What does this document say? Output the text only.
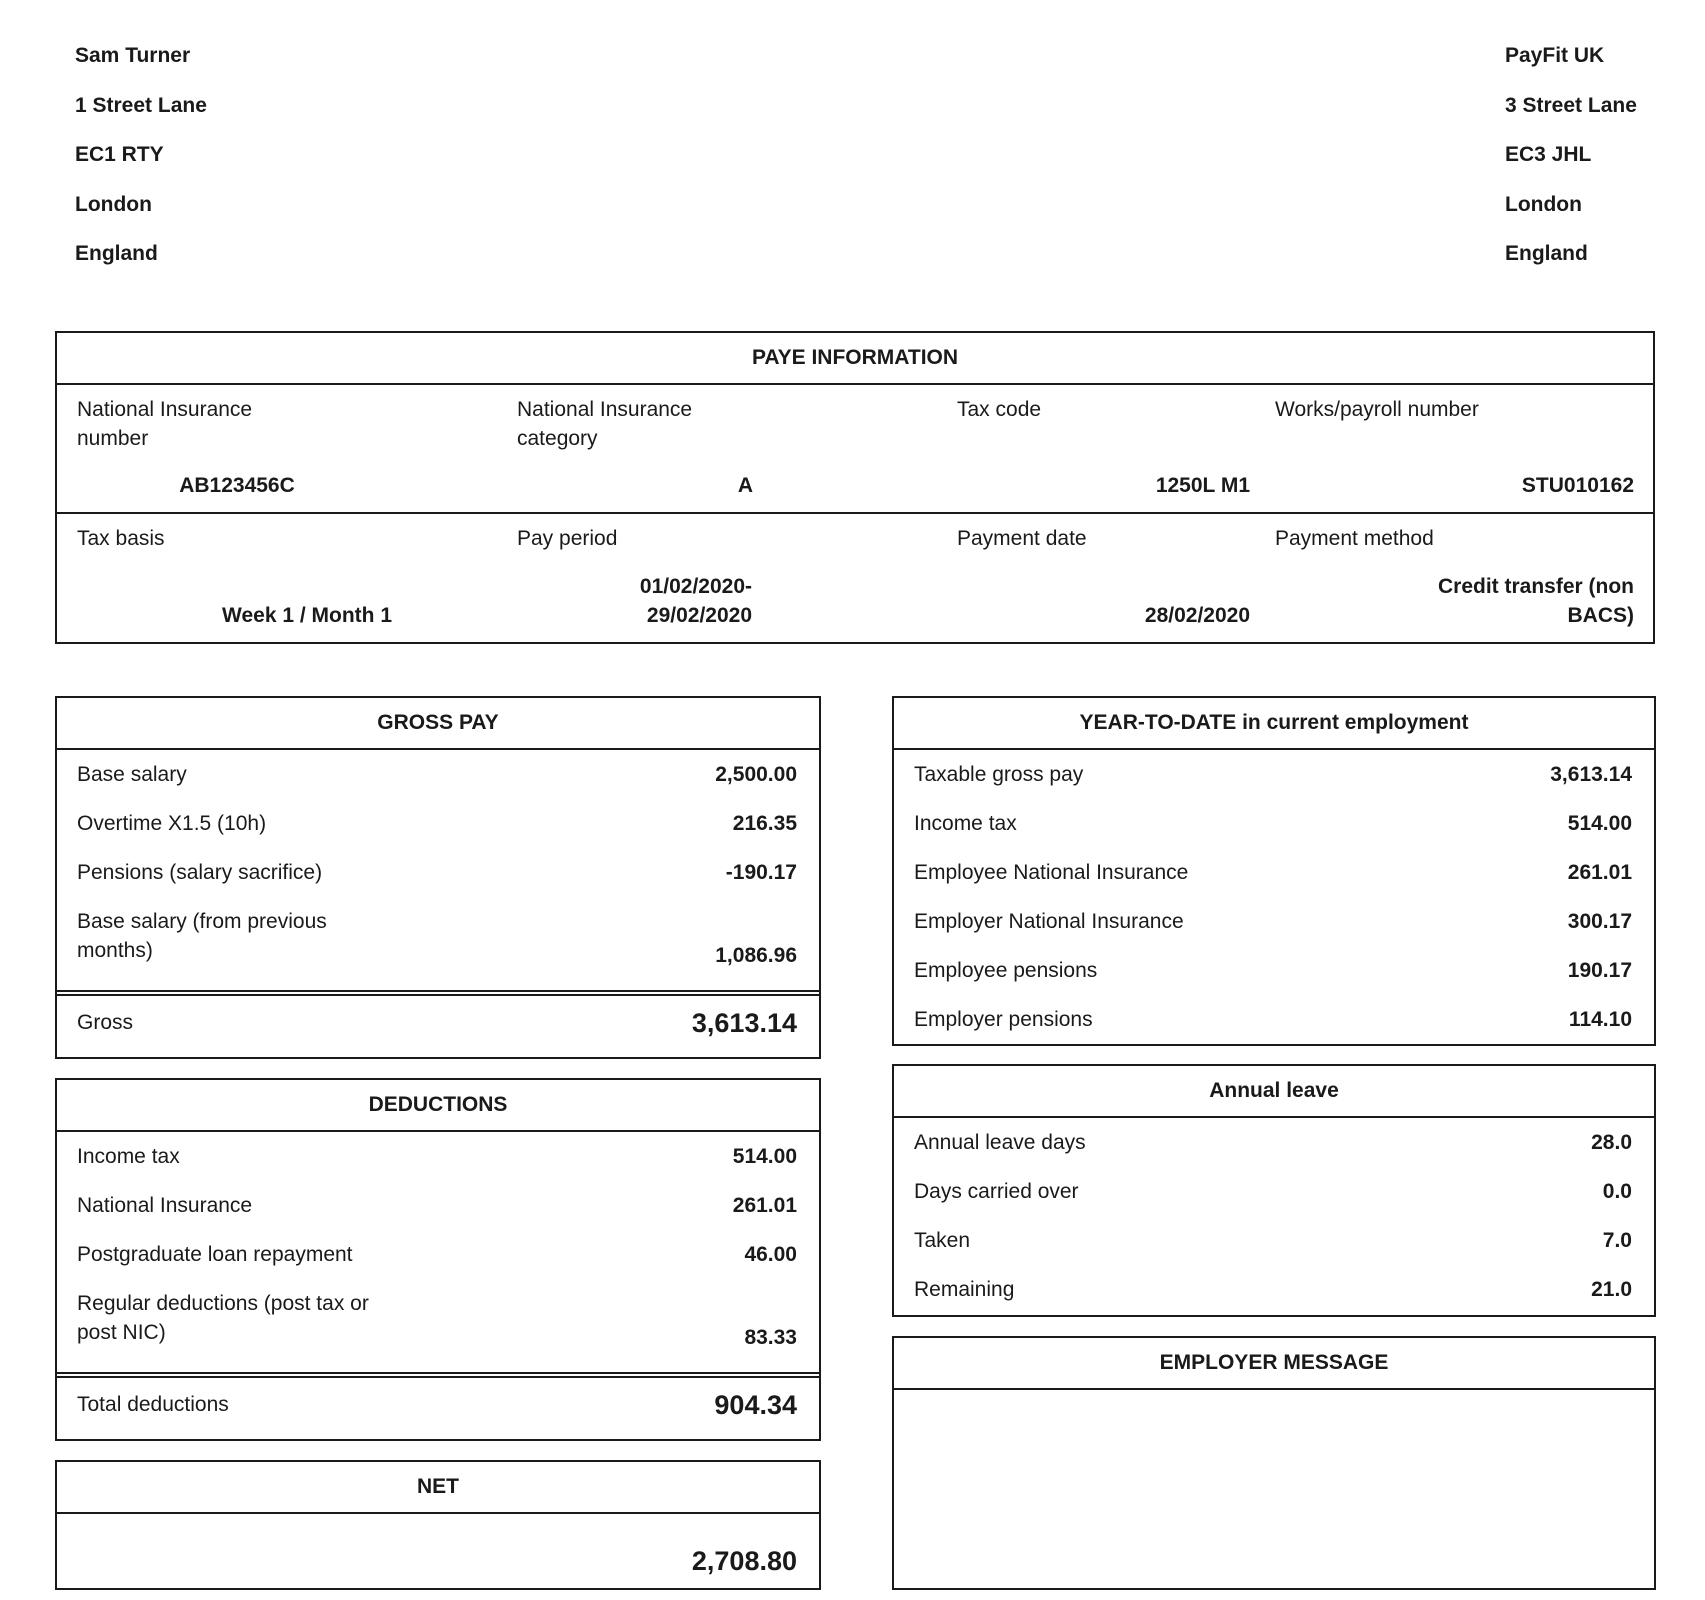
Sam Turner
1 Street Lane
EC1 RTY
London
England
PayFit UK
3 Street Lane
EC3 JHL
London
England
PAYE INFORMATION
National Insurance number
AB123456C
National Insurance category
A
Tax code
1250L M1
Works/payroll number
STU010162
Tax basis
Week 1 / Month 1
Pay period
01/02/2020- 29/02/2020
Payment date
28/02/2020
Payment method
Credit transfer (non BACS)
GROSS PAY
Base salary	2,500.00
Overtime X1.5 (10h)	216.35
Pensions (salary sacrifice)	-190.17
Base salary (from previous months)	1,086.96
Gross	3,613.14
DEDUCTIONS
Income tax	514.00
National Insurance	261.01
Postgraduate loan repayment	46.00
Regular deductions (post tax or post NIC)	83.33
Total deductions	904.34
NET
2,708.80
YEAR-TO-DATE in current employment
Taxable gross pay	3,613.14
Income tax	514.00
Employee National Insurance	261.01
Employer National Insurance	300.17
Employee pensions	190.17
Employer pensions	114.10
Annual leave
Annual leave days	28.0
Days carried over	0.0
Taken	7.0
Remaining	21.0
EMPLOYER MESSAGE
